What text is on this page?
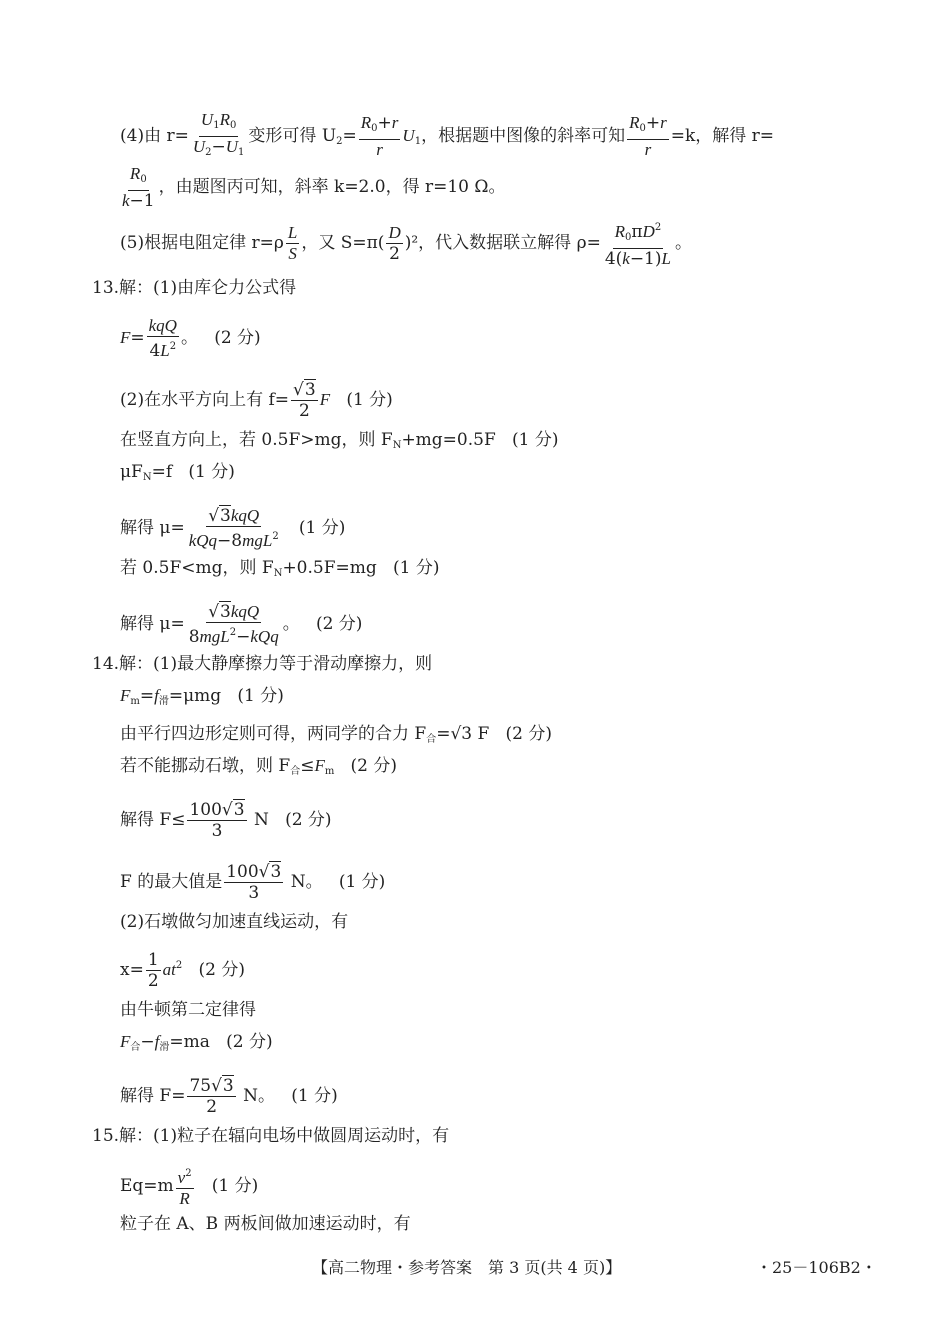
(4)由 $r= \frac{U_1R_0}{U_2-U_1}$ 变形可得 $U_2= \frac{R_0+r}{r} U_1$，根据题中图像的斜率可知 $\frac{R_0+r}{r} =k$，解得 r=
$\frac{R_0}{k-1}$ ，由题图丙可知，斜率 k=2.0，得 r=10 Ω。
(5)根据电阻定律 $r=\rho \frac{L}{S}$ ，又 $S=\pi( \frac{D}{2} )^2$，代入数据联立解得 $\rho= \frac{R_0\pi D^2}{4(k-1)L}$ 。
13.解：(1)由库仑力公式得
$F= \frac{\text{kqQ}}{4L^2}$ 。   (2 分)
(2)在水平方向上有 $f= \frac{√3}{2}$ F (1 分)
在竖直方向上，若 0.5F>mg，则 $F_N+mg=0.5F$ (1 分)
$\mu F_N=f$ (1 分)
解得 $\mu= \frac{\text{√3kqQ}}{kQq-8mgL^2} (1$ 分)
若 0.5F<mg，则 $F_N+0.5F=mg$ (1 分)
解得 $\mu= \frac{\text{√3kqQ}}{8mgL^2-kQq}$ 。   (2 分)
14.解：(1)最大静摩擦力等于滑动摩擦力，则
$F_m=f_滑=\mu mg$ (1 分)
由平行四边形定则可得，两同学的合力 $F_合=√3$ F (2 分)
若不能挪动石墩，则 $F_合\le F_m$ (2 分)
解得 $F\le \frac{100√3}{3}$ N (2 分)
F 的最大值是 $\frac{100√3}{3}$ N。 (1 分)
(2)石墩做匀加速直线运动，有
$x= \frac{1}{2} at^2$ (2 分)
由牛顿第二定律得
$F_合-f_滑=ma$ (2 分)
解得 $F= \frac{75√3}{2}$ N。   (1 分)
15.解：(1)粒子在辐向电场中做圆周运动时，有
$Eq=m \frac{v^2}{R} (1$ 分)
粒子在 A、B 两板间做加速运动时，有
【高二物理・参考答案　第 3 页(共 4 页)】	・25－106B2・
